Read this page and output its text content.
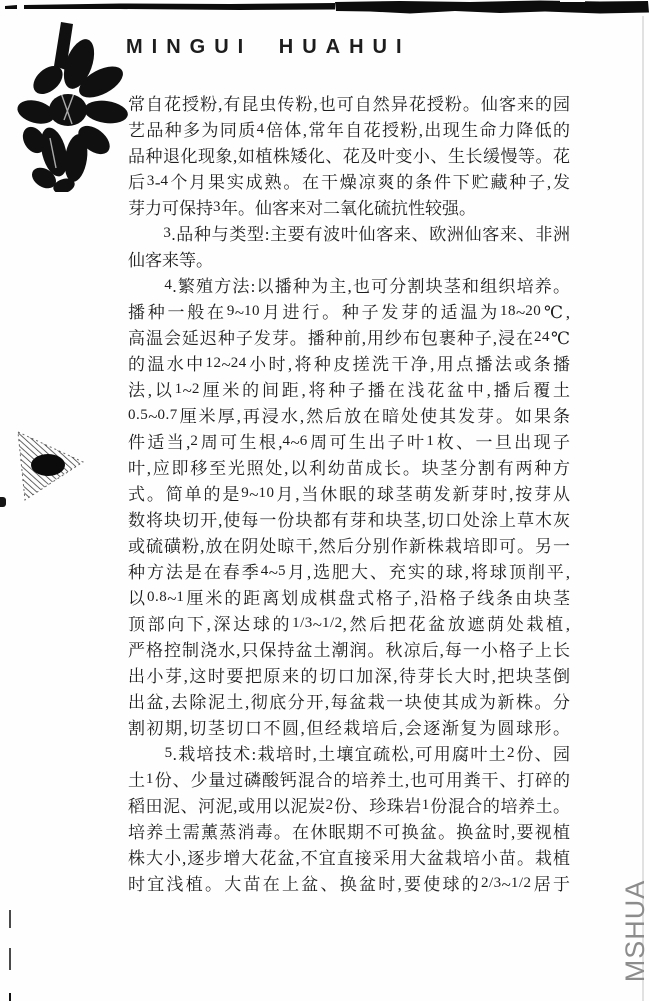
MINGUI HUAHUI
常自花授粉,有昆虫传粉,也可自然异花授粉。仙客来的园
艺品种多为同质4倍体,常年自花授粉,出现生命力降低的
品种退化现象,如植株矮化、花及叶变小、生长缓慢等。花
后3-4个月果实成熟。在干燥凉爽的条件下贮藏种子,发
芽力可保持3年。仙客来对二氧化硫抗性较强。
　　3.品种与类型:主要有波叶仙客来、欧洲仙客来、非洲
仙客来等。
　　4.繁殖方法:以播种为主,也可分割块茎和组织培养。
播种一般在9~10月进行。种子发芽的适温为18~20℃,
高温会延迟种子发芽。播种前,用纱布包裹种子,浸在24℃
的温水中12~24小时,将种皮搓洗干净,用点播法或条播
法,以1~2厘米的间距,将种子播在浅花盆中,播后覆土
0.5~0.7厘米厚,再浸水,然后放在暗处使其发芽。如果条
件适当,2周可生根,4~6周可生出子叶1枚、一旦出现子
叶,应即移至光照处,以利幼苗成长。块茎分割有两种方
式。简单的是9~10月,当休眠的球茎萌发新芽时,按芽从
数将块切开,使每一份块都有芽和块茎,切口处涂上草木灰
或硫磺粉,放在阴处晾干,然后分别作新株栽培即可。另一
种方法是在春季4~5月,选肥大、充实的球,将球顶削平,
以0.8~1厘米的距离划成棋盘式格子,沿格子线条由块茎
顶部向下,深达球的1/3~1/2,然后把花盆放遮荫处栽植,
严格控制浇水,只保持盆土潮润。秋凉后,每一小格子上长
出小芽,这时要把原来的切口加深,待芽长大时,把块茎倒
出盆,去除泥土,彻底分开,每盆栽一块使其成为新株。分
割初期,切茎切口不圆,但经栽培后,会逐渐复为圆球形。
　　5.栽培技术:栽培时,土壤宜疏松,可用腐叶土2份、园
土1份、少量过磷酸钙混合的培养土,也可用粪干、打碎的
稻田泥、河泥,或用以泥炭2份、珍珠岩1份混合的培养土。
培养土需薰蒸消毒。在休眠期不可换盆。换盆时,要视植
株大小,逐步增大花盆,不宜直接采用大盆栽培小苗。栽植
时宜浅植。大苗在上盆、换盆时,要使球的2/3~1/2居于 MSHUA
